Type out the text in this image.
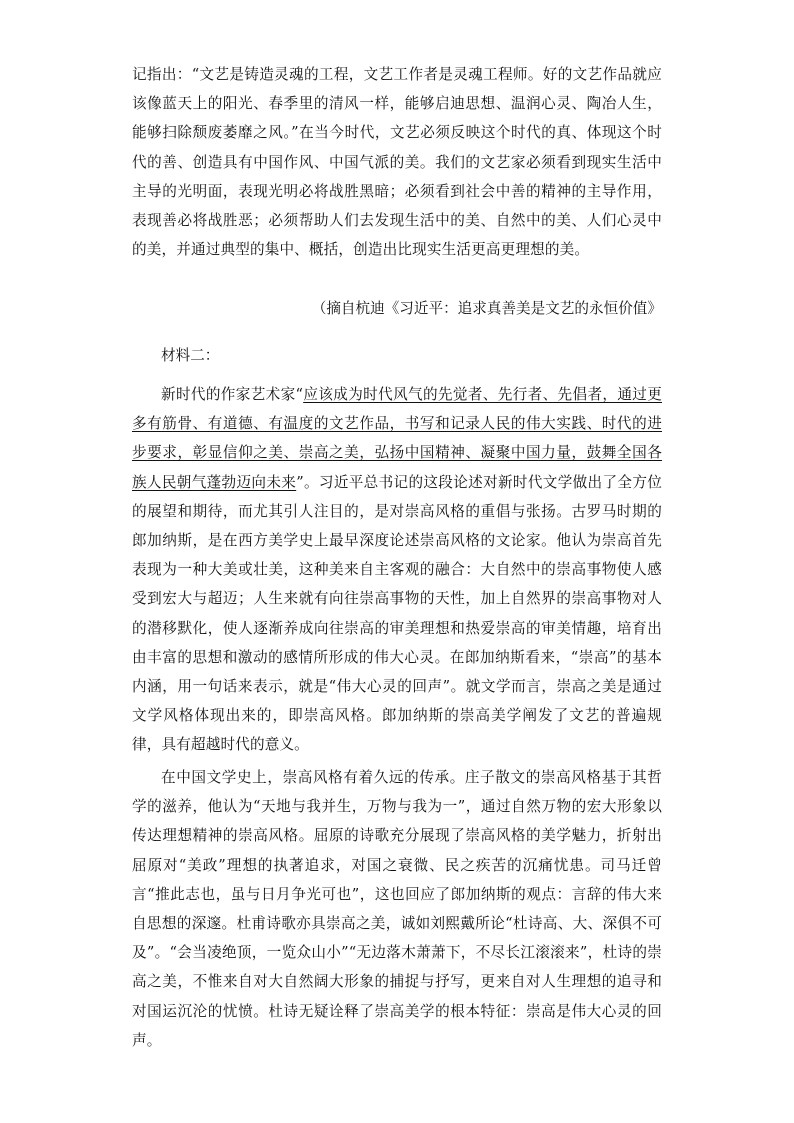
记指出：“文艺是铸造灵魂的工程，文艺工作者是灵魂工程师。好的文艺作品就应该像蓝天上的阳光、春季里的清风一样，能够启迪思想、温润心灵、陶冶人生，能够扫除颓废萎靡之风。”在当今时代，文艺必须反映这个时代的真、体现这个时代的善、创造具有中国作风、中国气派的美。我们的文艺家必须看到现实生活中主导的光明面，表现光明必将战胜黑暗；必须看到社会中善的精神的主导作用，表现善必将战胜恶；必须帮助人们去发现生活中的美、自然中的美、人们心灵中的美，并通过典型的集中、概括，创造出比现实生活更高更理想的美。

（摘自杭迪《习近平：追求真善美是文艺的永恒价值》
材料二：

新时代的作家艺术家“应该成为时代风气的先觉者、先行者、先倡者，通过更多有筋骨、有道德、有温度的文艺作品，书写和记录人民的伟大实践、时代的进步要求，彰显信仰之美、崇高之美，弘扬中国精神、凝聚中国力量，鼓舞全国各族人民朝气蓬勃迈向未来”。习近平总书记的这段论述对新时代文学做出了全方位的展望和期待，而尤其引人注目的，是对崇高风格的重倡与张扬。古罗马时期的郎加纳斯，是在西方美学史上最早深度论述崇高风格的文论家。他认为崇高首先表现为一种大美或壮美，这种美来自主客观的融合：大自然中的崇高事物使人感受到宏大与超迈；人生来就有向往崇高事物的天性，加上自然界的崇高事物对人的潜移默化，使人逐渐养成向往崇高的审美理想和热爱崇高的审美情趣，培育出由丰富的思想和激动的感情所形成的伟大心灵。在郎加纳斯看来，“崇高”的基本内涵，用一句话来表示，就是“伟大心灵的回声”。就文学而言，崇高之美是通过文学风格体现出来的，即崇高风格。郎加纳斯的崇高美学阐发了文艺的普遍规律，具有超越时代的意义。

在中国文学史上，崇高风格有着久远的传承。庄子散文的崇高风格基于其哲学的滋养，他认为“天地与我并生，万物与我为一”，通过自然万物的宏大形象以传达理想精神的崇高风格。屈原的诗歌充分展现了崇高风格的美学魅力，折射出屈原对“美政”理想的执著追求，对国之衰微、民之疾苦的沉痛忧患。司马迁曾言“推此志也，虽与日月争光可也”，这也回应了郎加纳斯的观点：言辞的伟大来自思想的深邃。杜甫诗歌亦具崇高之美，诚如刘熙戴所论“杜诗高、大、深俱不可及”。“会当凌绝顶，一览众山小”“无边落木萧萧下，不尽长江滚滚来”，杜诗的崇高之美，不惟来自对大自然阔大形象的捕捉与抒写，更来自对人生理想的追寻和对国运沉沦的忧愤。杜诗无疑诠释了崇高美学的根本特征：崇高是伟大心灵的回声。
